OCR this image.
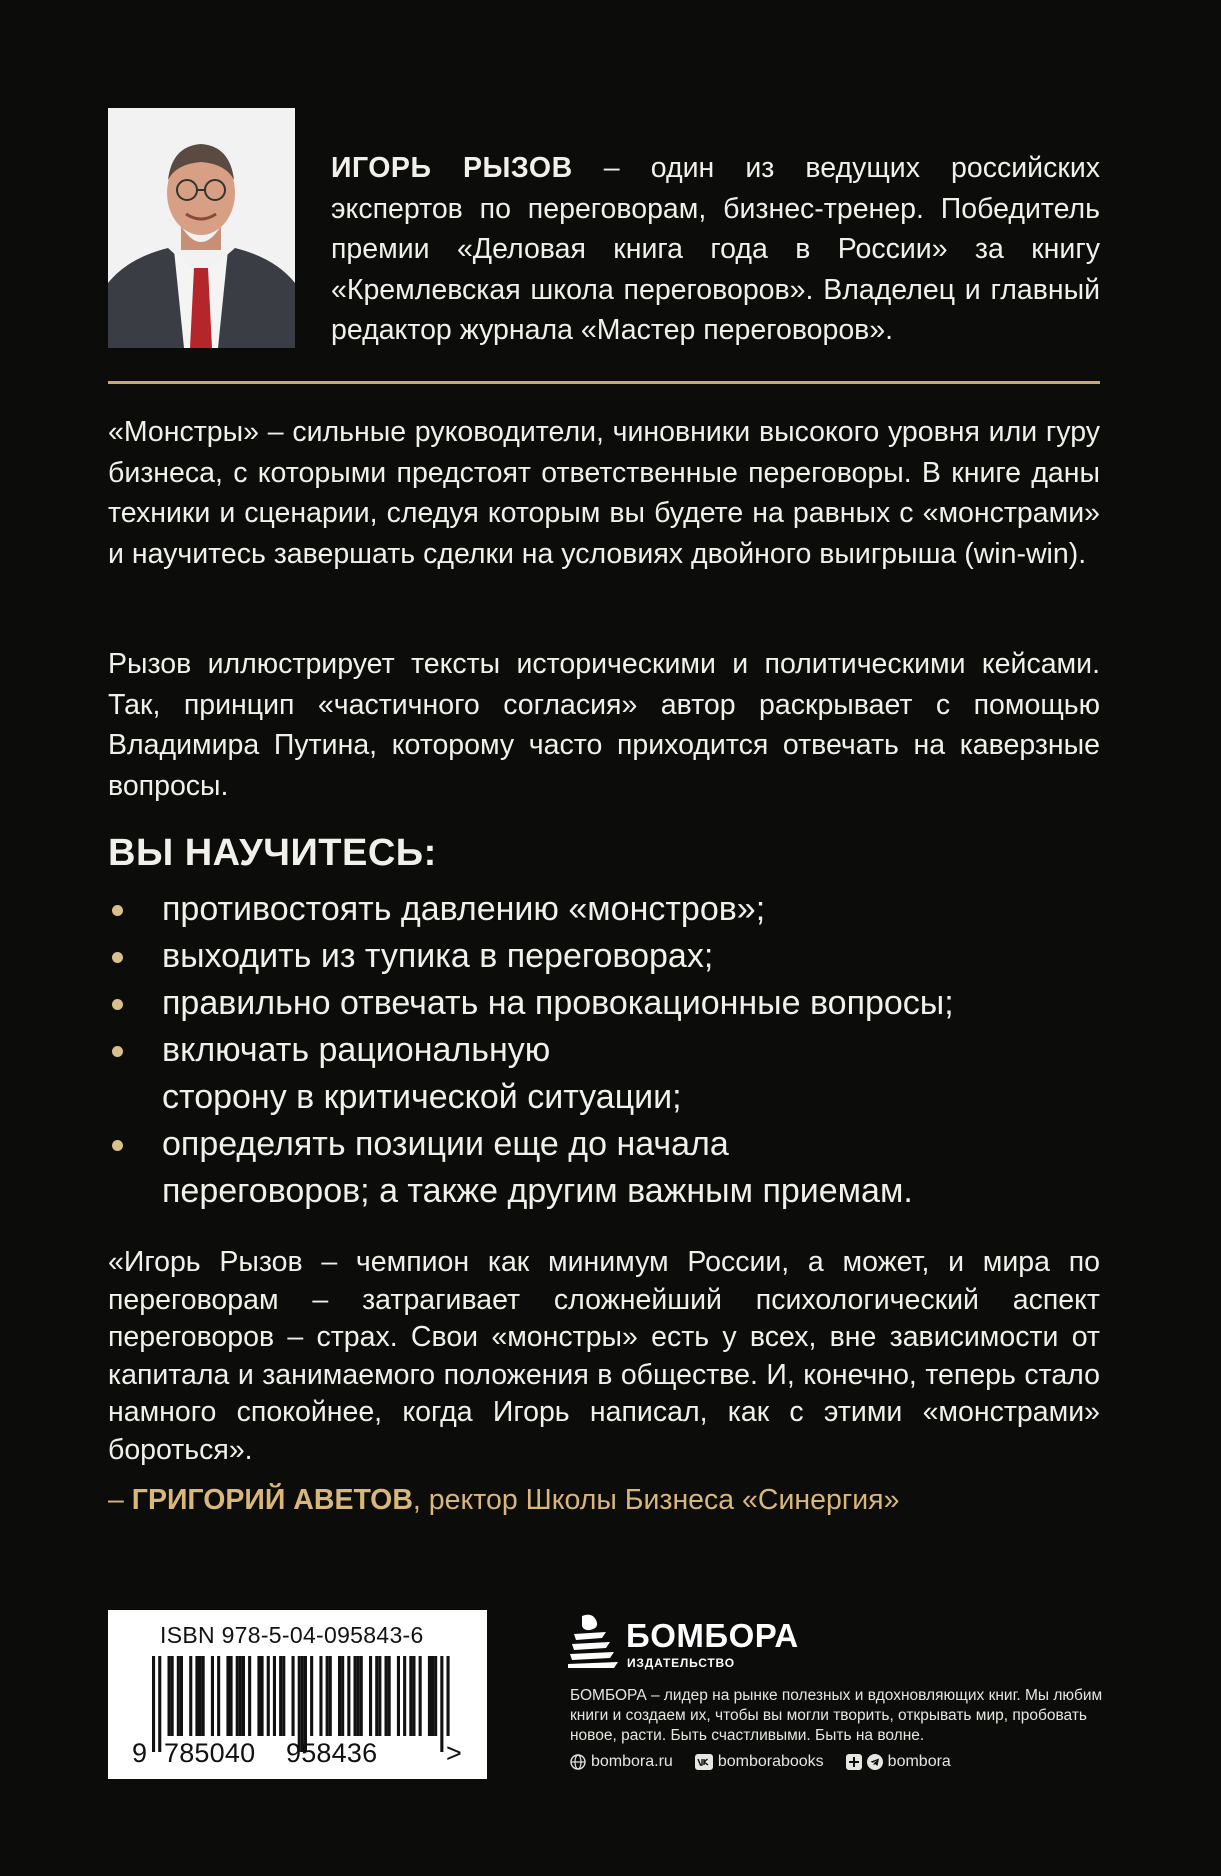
ИГОРЬ РЫЗОВ – один из ведущих российских экспертов по переговорам, бизнес-тренер. Победитель премии «Деловая книга года в России» за книгу «Кремлевская школа переговоров». Владелец и главный редактор журнала «Мастер переговоров».
«Монстры» – сильные руководители, чиновники высокого уровня или гуру бизнеса, с которыми предстоят ответственные переговоры. В книге даны техники и сценарии, следуя которым вы будете на равных с «монстрами» и научитесь завершать сделки на условиях двойного выигрыша (win-win).
Рызов иллюстрирует тексты историческими и политическими кейсами. Так, принцип «частичного согласия» автор раскрывает с помощью Владимира Путина, которому часто приходится отвечать на каверзные вопросы.
ВЫ НАУЧИТЕСЬ:
противостоять давлению «монстров»;
выходить из тупика в переговорах;
правильно отвечать на провокационные вопросы;
включать рациональную сторону в критической ситуации;
определять позиции еще до начала переговоров; а также другим важным приемам.
«Игорь Рызов – чемпион как минимум России, а может, и мира по переговорам – затрагивает сложнейший психологический аспект переговоров – страх. Свои «монстры» есть у всех, вне зависимости от капитала и занимаемого положения в обществе. И, конечно, теперь стало намного спокойнее, когда Игорь написал, как с этими «монстрами» бороться».
– ГРИГОРИЙ АВЕТОВ, ректор Школы Бизнеса «Синергия»
ISBN 978-5-04-095843-6
9 785040 958436	>
БОМБОРА
ИЗДАТЕЛЬСТВО
БОМБОРА – лидер на рынке полезных и вдохновляющих книг. Мы любим книги и создаем их, чтобы вы могли творить, открывать мир, пробовать новое, расти. Быть счастливыми. Быть на волне.
bombora.ru	bomborabooks	bombora
